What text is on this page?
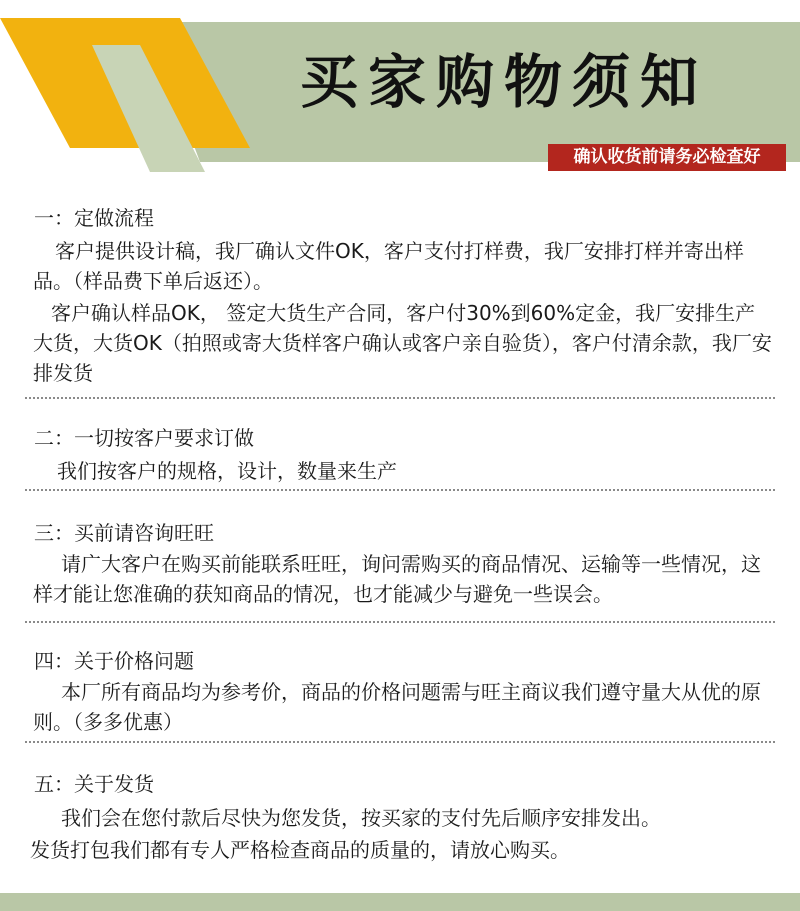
买家购物须知
确认收货前请务必检查好
一：定做流程

客户提供设计稿，我厂确认文件OK，客户支付打样费，我厂安排打样并寄出样品。（样品费下单后返还）。

客户确认样品OK， 签定大货生产合同，客户付30%到60%定金，我厂安排生产大货，大货OK（拍照或寄大货样客户确认或客户亲自验货），客户付清余款，我厂安排发货

二：一切按客户要求订做

我们按客户的规格，设计，数量来生产

三：买前请咨询旺旺

请广大客户在购买前能联系旺旺，询问需购买的商品情况、运输等一些情况，这样才能让您准确的获知商品的情况，也才能减少与避免一些误会。

四：关于价格问题

本厂所有商品均为参考价，商品的价格问题需与旺主商议我们遵守量大从优的原则。（多多优惠）

五：关于发货

我们会在您付款后尽快为您发货，按买家的支付先后顺序安排发出。

发货打包我们都有专人严格检查商品的质量的，请放心购买。
